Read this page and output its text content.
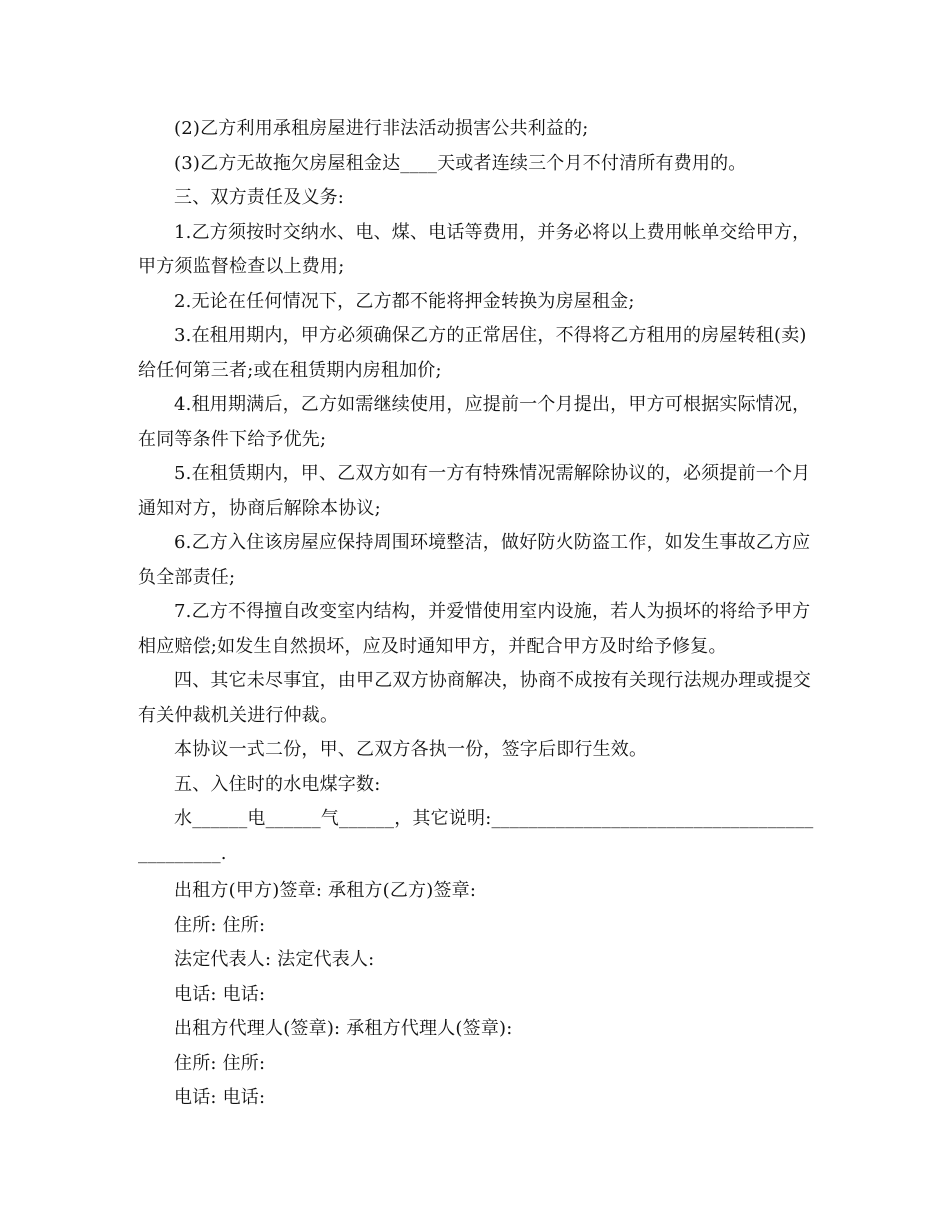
(2)乙方利用承租房屋进行非法活动损害公共利益的;

(3)乙方无故拖欠房屋租金达____天或者连续三个月不付清所有费用的。

三、双方责任及义务:

1.乙方须按时交纳水、电、煤、电话等费用，并务必将以上费用帐单交给甲方，甲方须监督检查以上费用;

2.无论在任何情况下，乙方都不能将押金转换为房屋租金;

3.在租用期内，甲方必须确保乙方的正常居住，不得将乙方租用的房屋转租(卖)给任何第三者;或在租赁期内房租加价;

4.租用期满后，乙方如需继续使用，应提前一个月提出，甲方可根据实际情况，在同等条件下给予优先;

5.在租赁期内，甲、乙双方如有一方有特殊情况需解除协议的，必须提前一个月通知对方，协商后解除本协议;

6.乙方入住该房屋应保持周围环境整洁，做好防火防盗工作，如发生事故乙方应负全部责任;

7.乙方不得擅自改变室内结构，并爱惜使用室内设施，若人为损坏的将给予甲方相应赔偿;如发生自然损坏，应及时通知甲方，并配合甲方及时给予修复。

四、其它未尽事宜，由甲乙双方协商解决，协商不成按有关现行法规办理或提交有关仲裁机关进行仲裁。

本协议一式二份，甲、乙双方各执一份，签字后即行生效。

五、入住时的水电煤字数:

水______电______气______，其它说明:____________________________________________.

出租方(甲方)签章: 承租方(乙方)签章:

住所: 住所:

法定代表人: 法定代表人:

电话: 电话:

出租方代理人(签章): 承租方代理人(签章):

住所: 住所:

电话: 电话:
